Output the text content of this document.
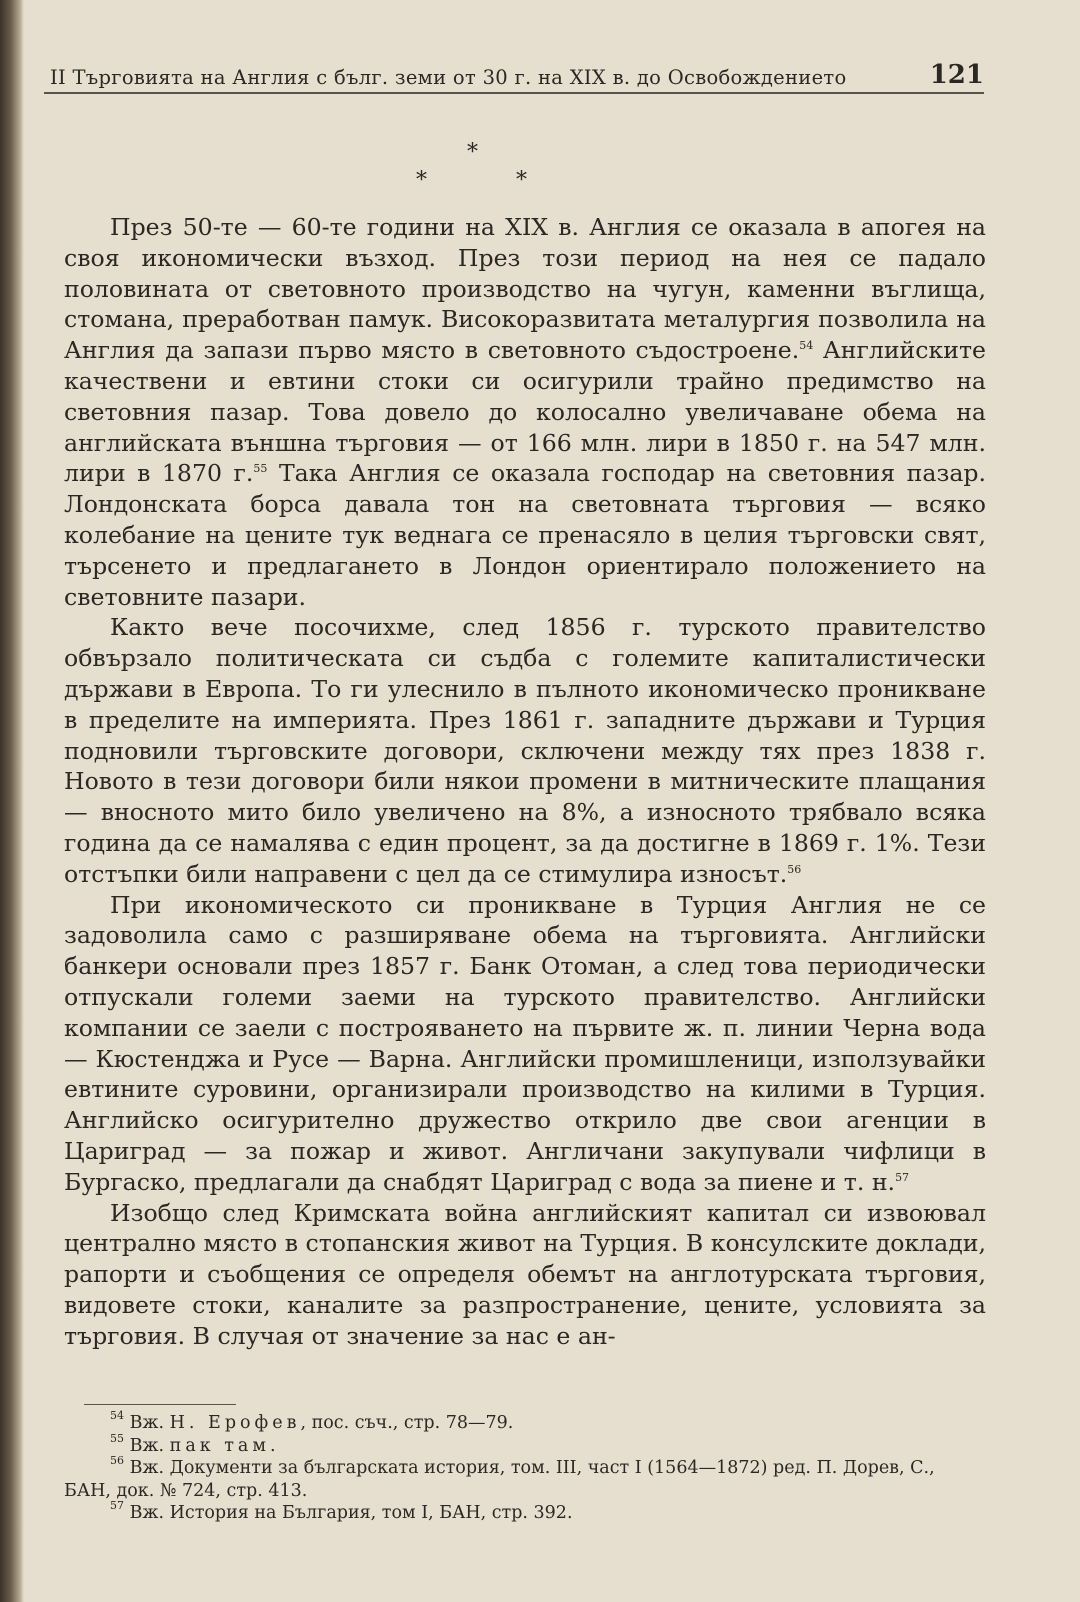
II Търговията на Англия с бълг. земи от 30 г. на XIX в. до Освобождението	121
*
*	*

През 50-те — 60-те години на XIX в. Англия се оказала в апогея на своя икономически възход. През този период на нея се падало половината от световното производство на чугун, каменни въглища, стомана, преработван памук. Високоразвитата металургия позволила на Англия да запази първо място в световното съдостроене.$^{54}$ Английските качествени и евтини стоки си осигурили трайно предимство на световния пазар. Това довело до колосално увеличаване обема на английската външна търговия — от 166 млн. лири в 1850 г. на 547 млн. лири в 1870 г.$^{55}$ Така Англия се оказала господар на световния пазар. Лондонската борса давала тон на световната търговия — всяко колебание на цените тук веднага се пренасяло в целия търговски свят, търсенето и предлагането в Лондон ориентирало положението на световните пазари.

Както вече посочихме, след 1856 г. турското правителство обвързало политическата си съдба с големите капиталистически държави в Европа. То ги улеснило в пълното икономическо проникване в пределите на империята. През 1861 г. западните държави и Турция подновили търговските договори, сключени между тях през 1838 г. Новото в тези договори били някои промени в митническите плащания — вносното мито било увеличено на 8%, а износното трябвало всяка година да се намалява с един процент, за да достигне в 1869 г. 1%. Тези отстъпки били направени с цел да се стимулира износът.$^{56}$

При икономическото си проникване в Турция Англия не се задоволила само с разширяване обема на търговията. Английски банкери основали през 1857 г. Банк Отоман, а след това периодически отпускали големи заеми на турското правителство. Английски компании се заели с построяването на първите ж. п. линии Черна вода — Кюстенджа и Русе — Варна. Английски промишленици, използувайки евтините суровини, организирали производство на килими в Турция. Английско осигурително дружество открило две свои агенции в Цариград — за пожар и живот. Англичани закупували чифлици в Бургаско, предлагали да снабдят Цариград с вода за пиене и т. н.$^{57}$

Изобщо след Кримската война английският капитал си извоювал централно място в стопанския живот на Турция. В консулските доклади, рапорти и съобщения се определя обемът на англотурската търговия, видовете стоки, каналите за разпространение, цените, условията за търговия. В случая от значение за нас е ан-

$^{54}$ Вж. Н. Ерофев, пос. съч., стр. 78—79.

$^{55}$ Вж. пак там.

$^{56}$ Вж. Документи за българската история, том. III, част I (1564—1872) ред. П. Дорев, С., БАН, док. № 724, стр. 413.

$^{57}$ Вж. История на България, том I, БАН, стр. 392.
